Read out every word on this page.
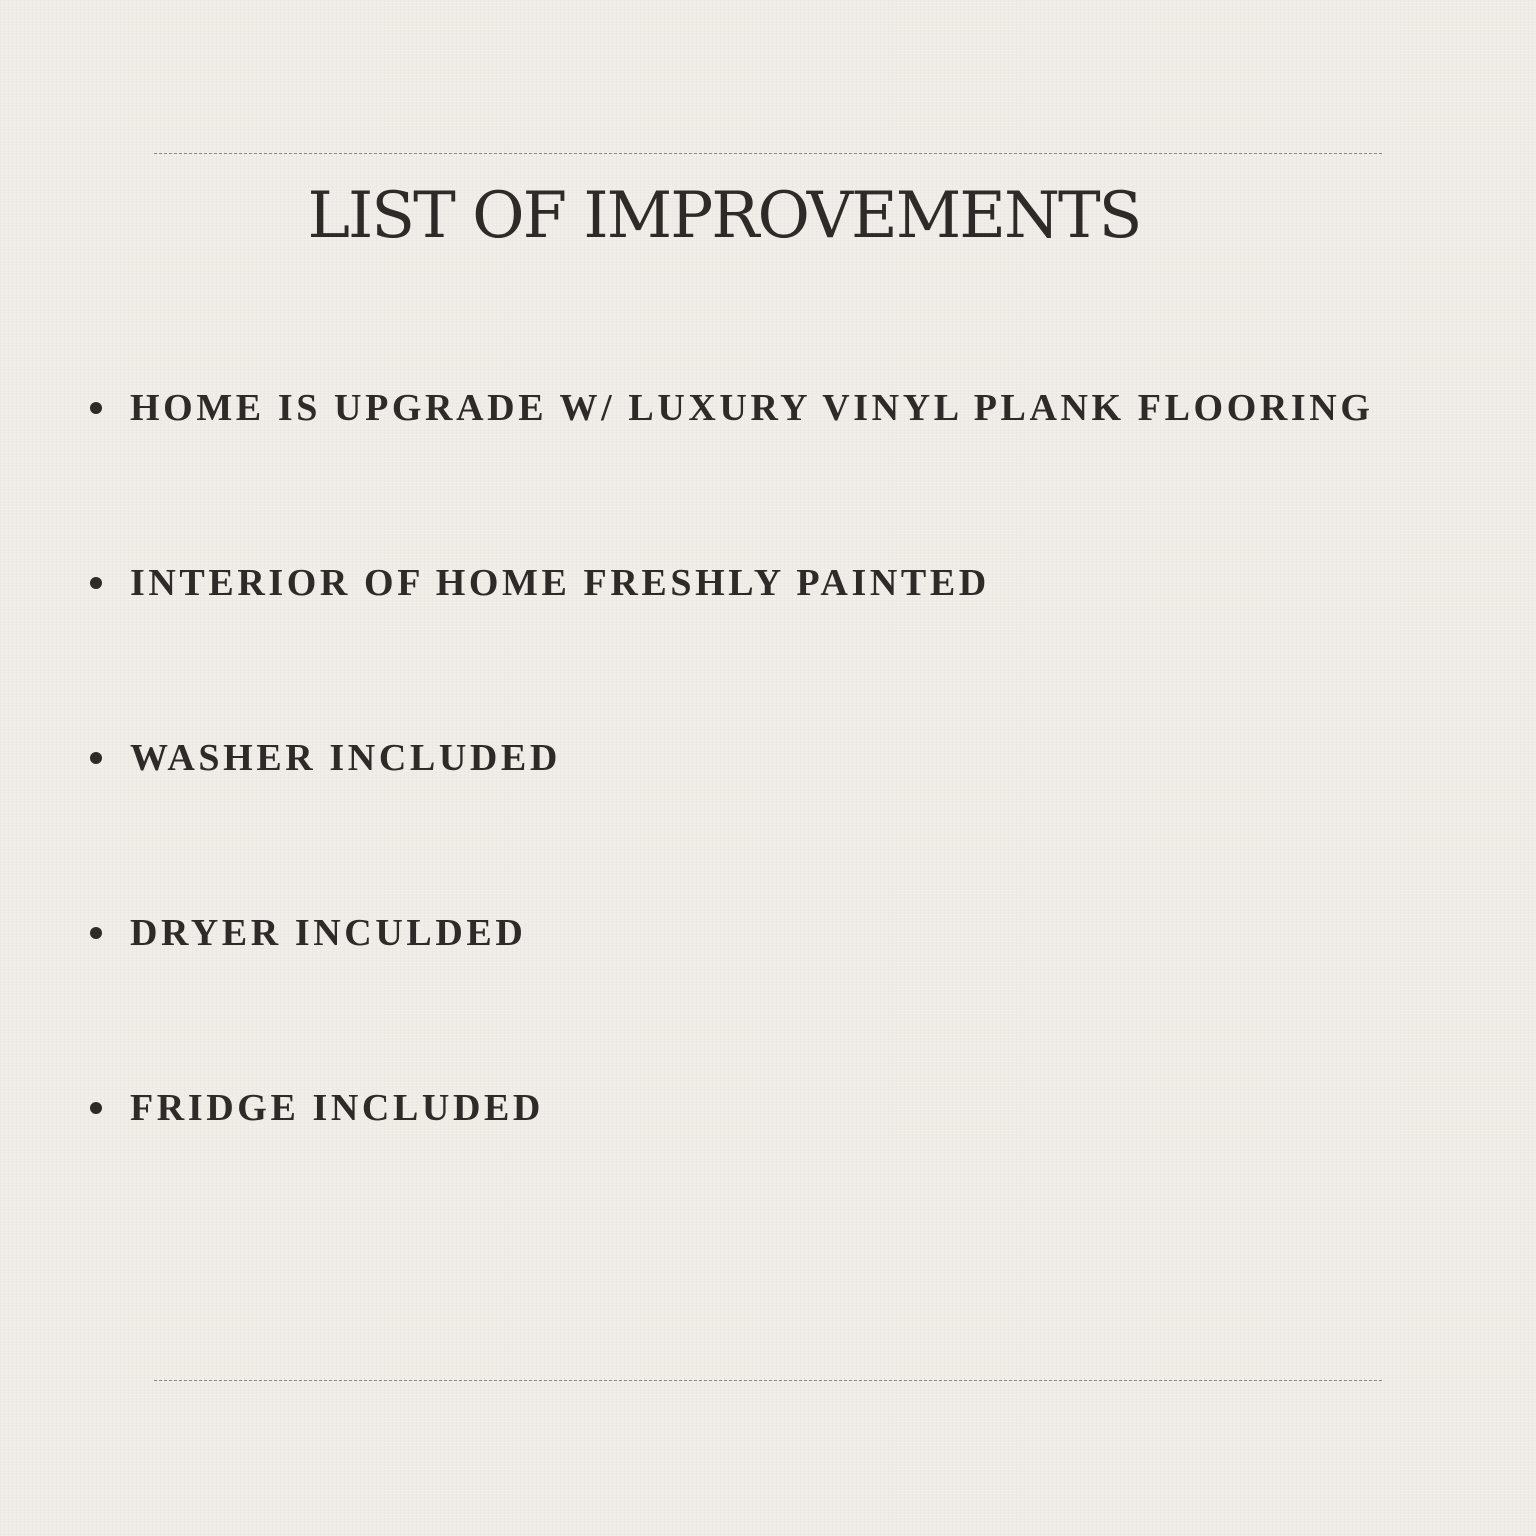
LIST OF IMPROVEMENTS
HOME IS UPGRADE W/ LUXURY VINYL PLANK FLOORING
INTERIOR OF HOME FRESHLY PAINTED
WASHER INCLUDED
DRYER INCULDED
FRIDGE INCLUDED
